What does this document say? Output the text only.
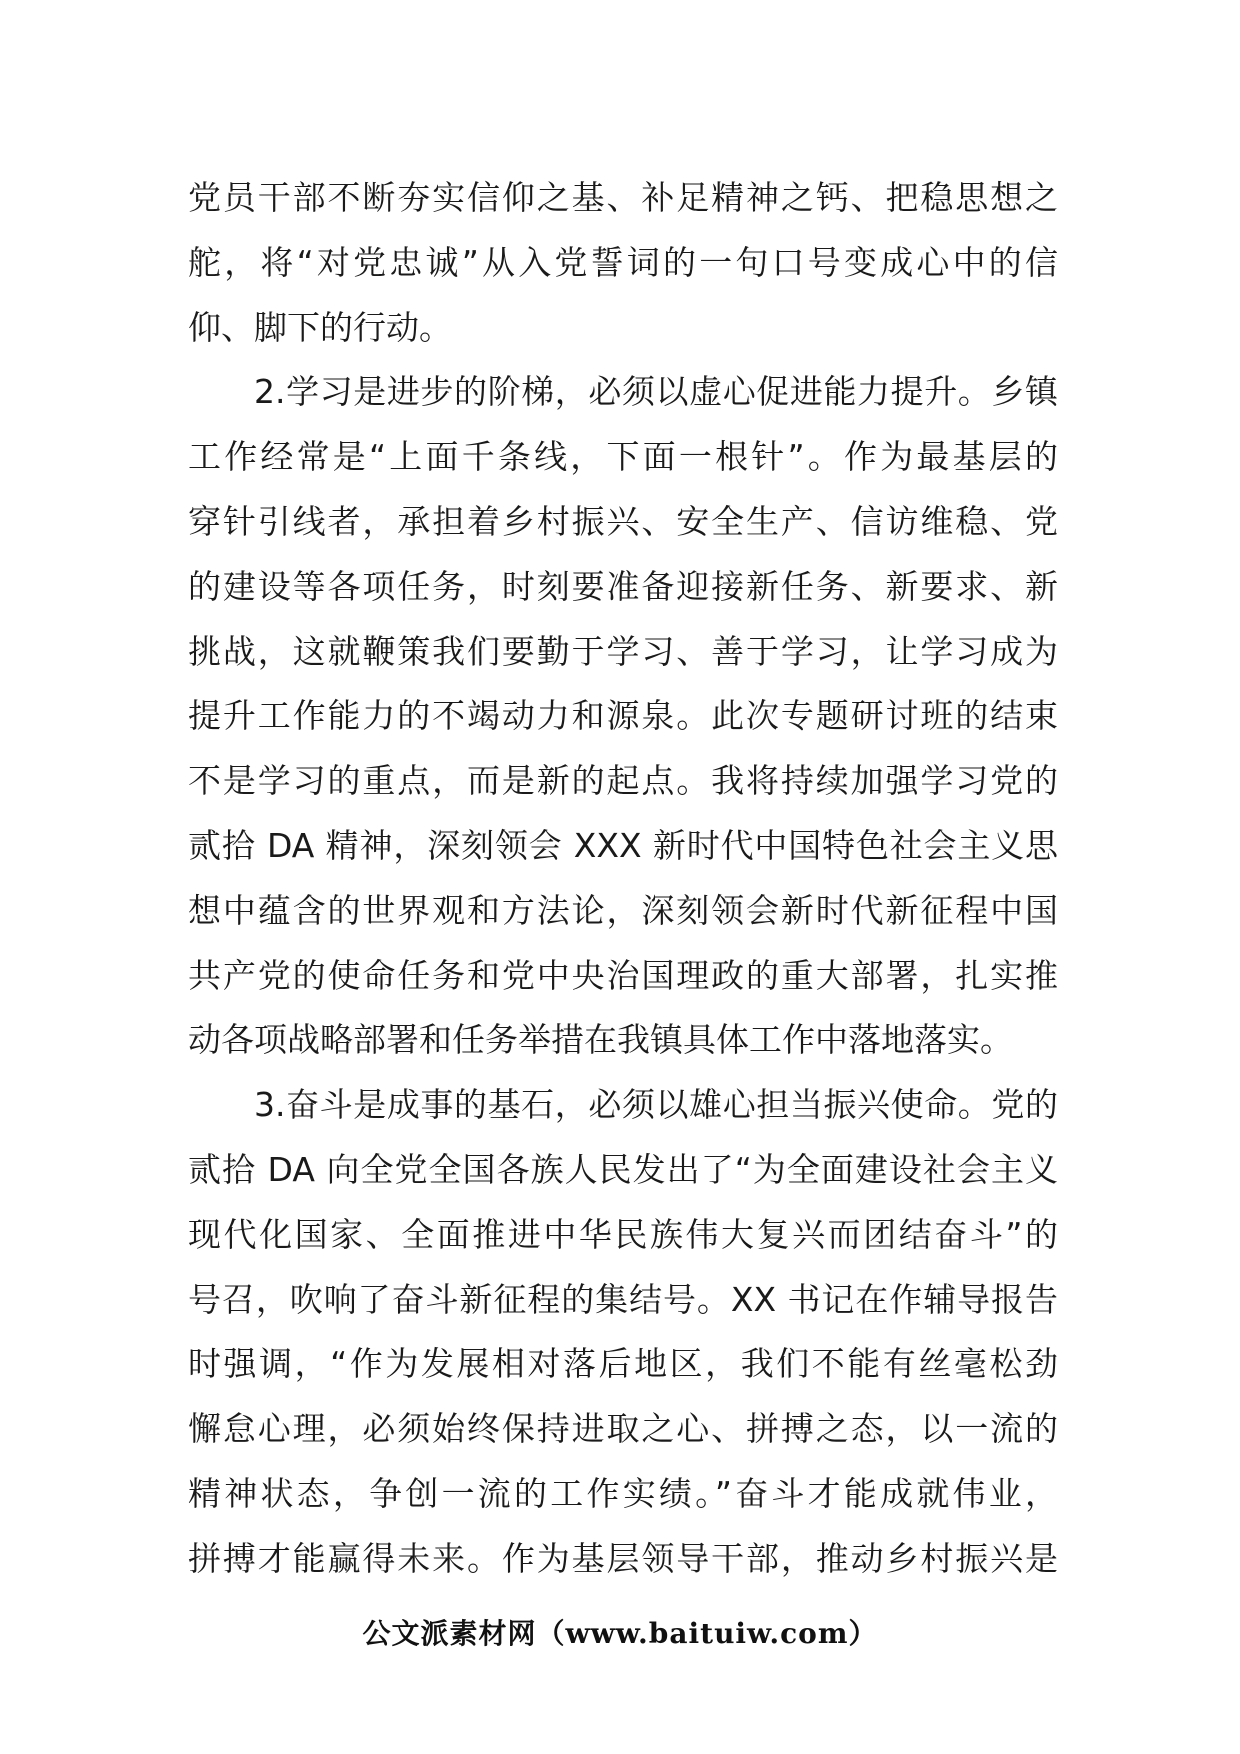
党员干部不断夯实信仰之基、补足精神之钙、把稳思想之
舵，将“对党忠诚”从入党誓词的一句口号变成心中的信
仰、脚下的行动。
2.学习是进步的阶梯，必须以虚心促进能力提升。乡镇
工作经常是“上面千条线，下面一根针”。作为最基层的
穿针引线者，承担着乡村振兴、安全生产、信访维稳、党
的建设等各项任务，时刻要准备迎接新任务、新要求、新
挑战，这就鞭策我们要勤于学习、善于学习，让学习成为
提升工作能力的不竭动力和源泉。此次专题研讨班的结束
不是学习的重点，而是新的起点。我将持续加强学习党的
贰拾 DA 精神，深刻领会 XXX 新时代中国特色社会主义思
想中蕴含的世界观和方法论，深刻领会新时代新征程中国
共产党的使命任务和党中央治国理政的重大部署，扎实推
动各项战略部署和任务举措在我镇具体工作中落地落实。
3.奋斗是成事的基石，必须以雄心担当振兴使命。党的
贰拾 DA 向全党全国各族人民发出了“为全面建设社会主义
现代化国家、全面推进中华民族伟大复兴而团结奋斗”的
号召，吹响了奋斗新征程的集结号。XX 书记在作辅导报告
时强调，“作为发展相对落后地区，我们不能有丝毫松劲
懈怠心理，必须始终保持进取之心、拼搏之态，以一流的
精神状态，争创一流的工作实绩。”奋斗才能成就伟业，
拼搏才能赢得未来。作为基层领导干部，推动乡村振兴是
公文派素材网（www.baituiw.com）
